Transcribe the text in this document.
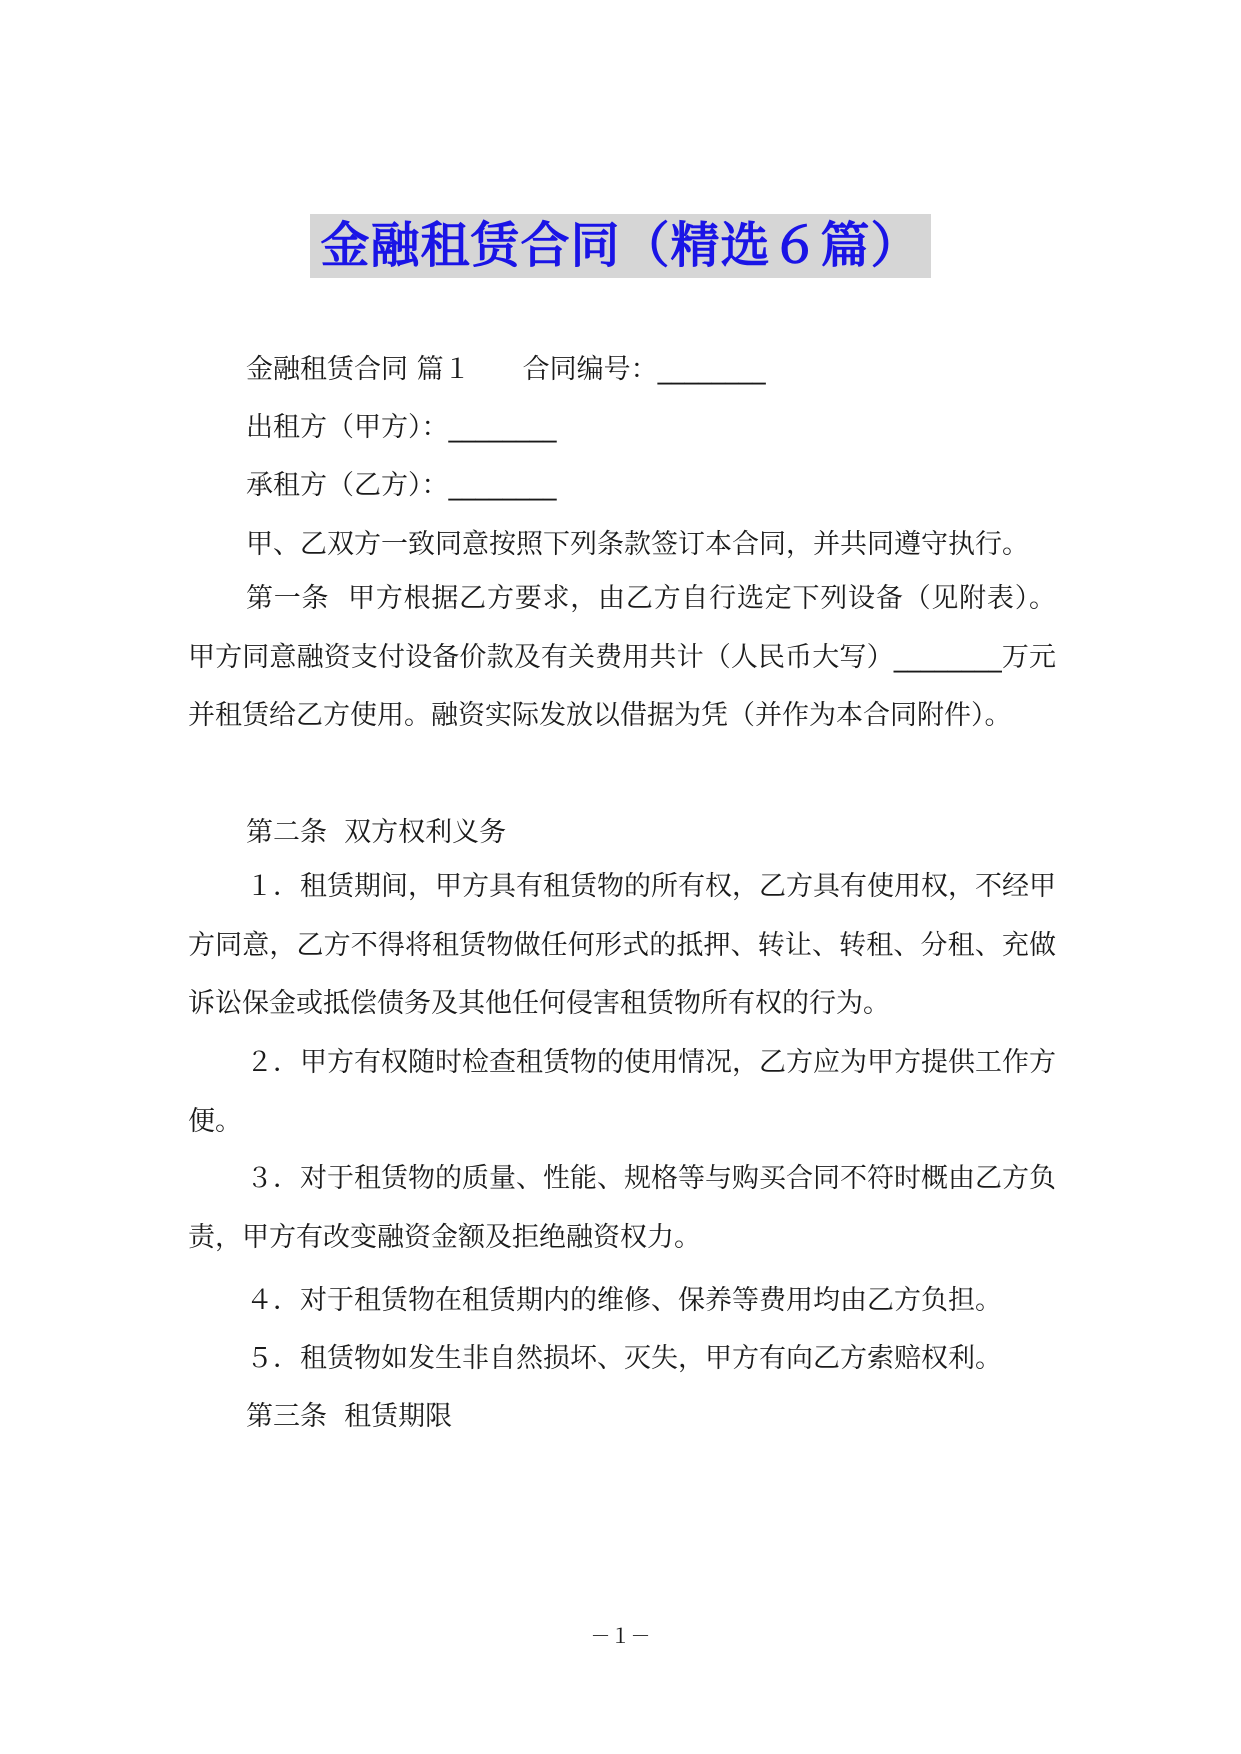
金融租赁合同（精选６篇）
金融租赁合同 篇１ 合同编号：________
出租方（甲方）：________
承租方（乙方）：________

甲、乙双方一致同意按照下列条款签订本合同，并共同遵守执行。

第一条  甲方根据乙方要求，由乙方自行选定下列设备（见附表）。甲方同意融资支付设备价款及有关费用共计（人民币大写）________万元并租赁给乙方使用。融资实际发放以借据为凭（并作为本合同附件）。

第二条  双方权利义务

１．租赁期间，甲方具有租赁物的所有权，乙方具有使用权，不经甲方同意，乙方不得将租赁物做任何形式的抵押、转让、转租、分租、充做诉讼保金或抵偿债务及其他任何侵害租赁物所有权的行为。

２．甲方有权随时检查租赁物的使用情况，乙方应为甲方提供工作方便。

３．对于租赁物的质量、性能、规格等与购买合同不符时概由乙方负责，甲方有改变融资金额及拒绝融资权力。

４．对于租赁物在租赁期内的维修、保养等费用均由乙方负担。

５．租赁物如发生非自然损坏、灭失，甲方有向乙方索赔权利。

第三条  租赁期限

－１－
